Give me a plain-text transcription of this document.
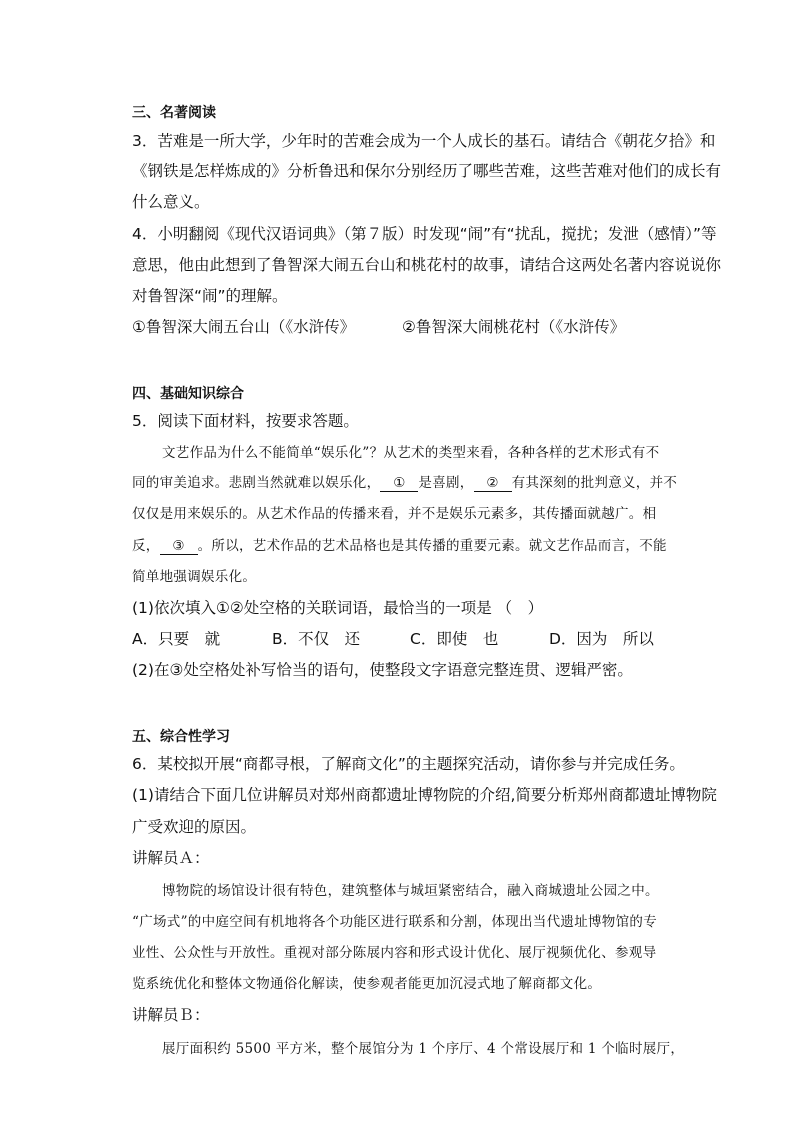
三、名著阅读
3．苦难是一所大学，少年时的苦难会成为一个人成长的基石。请结合《朝花夕拾》和
《钢铁是怎样炼成的》分析鲁迅和保尔分别经历了哪些苦难，这些苦难对他们的成长有
什么意义。
4．小明翻阅《现代汉语词典》（第７版）时发现“闹”有“扰乱，搅扰；发泄（感情）”等
意思，他由此想到了鲁智深大闹五台山和桃花村的故事，请结合这两处名著内容说说你
对鲁智深“闹”的理解。
①鲁智深大闹五台山（《水浒传》	②鲁智深大闹桃花村（《水浒传》
四、基础知识综合
5．阅读下面材料，按要求答题。
文艺作品为什么不能简单“娱乐化”？从艺术的类型来看，各种各样的艺术形式有不
同的审美追求。悲剧当然就难以娱乐化， ① 是喜剧， ② 有其深刻的批判意义，并不
仅仅是用来娱乐的。从艺术作品的传播来看，并不是娱乐元素多，其传播面就越广。相
反， ③ 。所以，艺术作品的艺术品格也是其传播的重要元素。就文艺作品而言，不能
简单地强调娱乐化。
(1)依次填入①②处空格的关联词语，最恰当的一项是 （　）
A．只要　就	B．不仅　还	C．即使　也	D．因为　所以
(2)在③处空格处补写恰当的语句，使整段文字语意完整连贯、逻辑严密。
五、综合性学习
6．某校拟开展“商都寻根，了解商文化”的主题探究活动，请你参与并完成任务。
(1)请结合下面几位讲解员对郑州商都遗址博物院的介绍,简要分析郑州商都遗址博物院
广受欢迎的原因。
讲解员Ａ：
博物院的场馆设计很有特色，建筑整体与城垣紧密结合，融入商城遗址公园之中。
“广场式”的中庭空间有机地将各个功能区进行联系和分割，体现出当代遗址博物馆的专
业性、公众性与开放性。重视对部分陈展内容和形式设计优化、展厅视频优化、参观导
览系统优化和整体文物通俗化解读，使参观者能更加沉浸式地了解商都文化。
讲解员Ｂ：
展厅面积约 5500 平方米，整个展馆分为 1 个序厅、4 个常设展厅和 1 个临时展厅，
